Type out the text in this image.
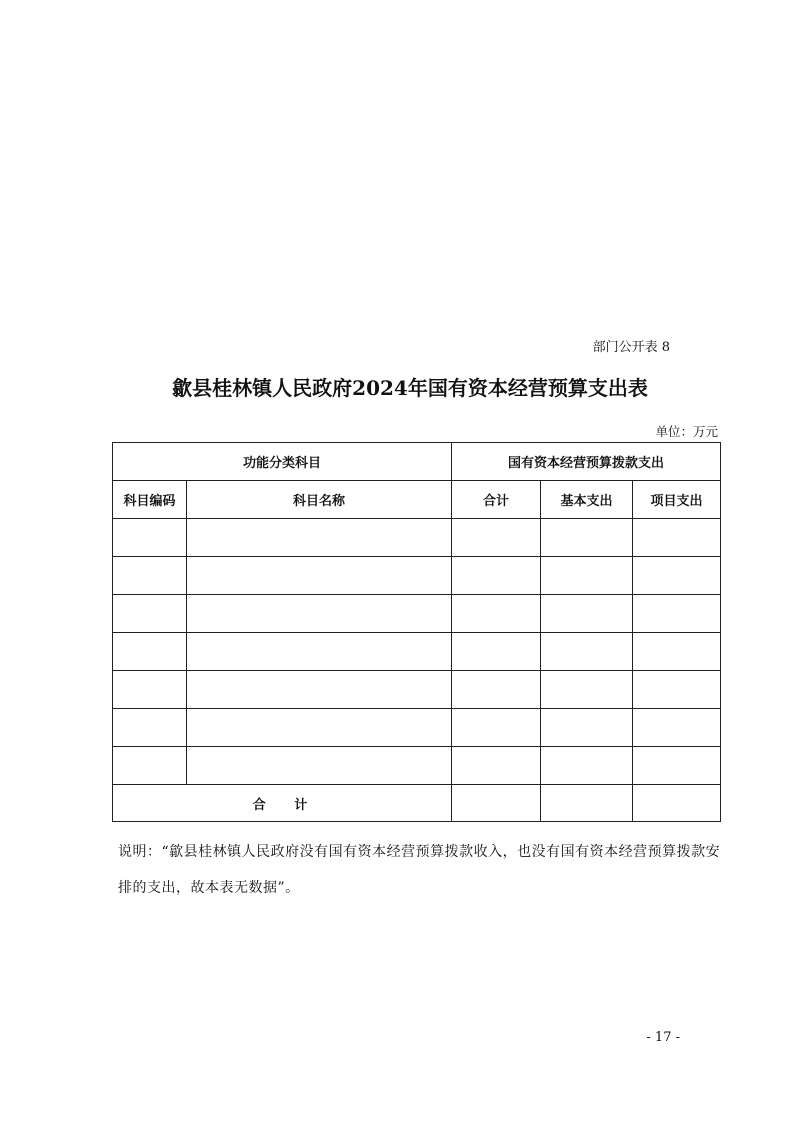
部门公开表 8
歙县桂林镇人民政府2024年国有资本经营预算支出表
单位：万元
功能分类科目		国有资本经营预算拨款支出		
科目编码	科目名称	合计	基本支出	项目支出

合 计				
说明：“歙县桂林镇人民政府没有国有资本经营预算拨款收入，也没有国有资本经营预算拨款安排的支出，故本表无数据”。
- 17 -
